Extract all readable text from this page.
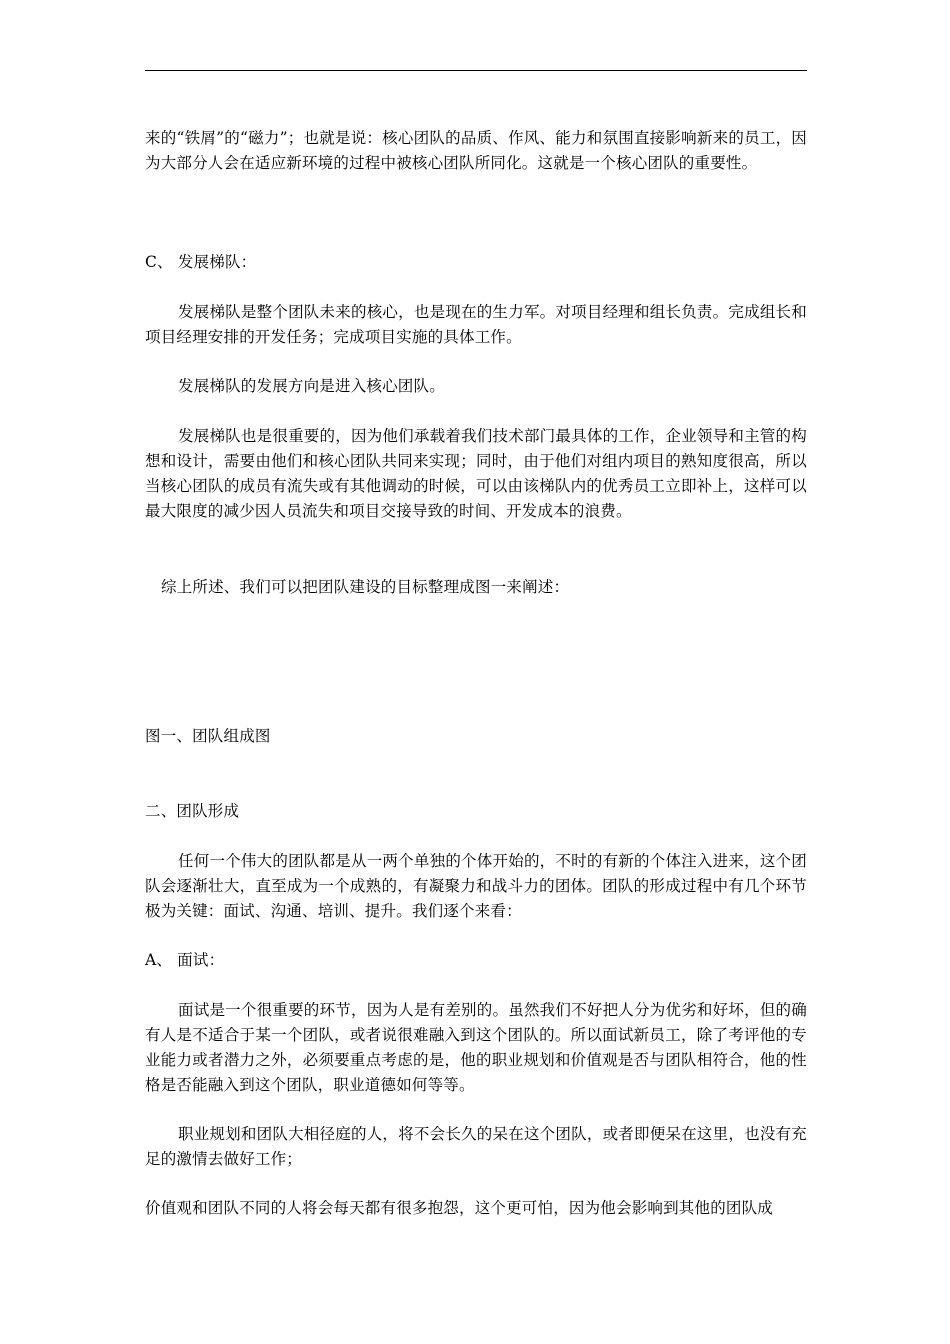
来的“铁屑”的“磁力”；也就是说：核心团队的品质、作风、能力和氛围直接影响新来的员工，因为大部分人会在适应新环境的过程中被核心团队所同化。这就是一个核心团队的重要性。

C、 发展梯队：

发展梯队是整个团队未来的核心，也是现在的生力军。对项目经理和组长负责。完成组长和项目经理安排的开发任务；完成项目实施的具体工作。

发展梯队的发展方向是进入核心团队。

发展梯队也是很重要的，因为他们承载着我们技术部门最具体的工作，企业领导和主管的构想和设计，需要由他们和核心团队共同来实现；同时，由于他们对组内项目的熟知度很高，所以当核心团队的成员有流失或有其他调动的时候，可以由该梯队内的优秀员工立即补上，这样可以最大限度的减少因人员流失和项目交接导致的时间、开发成本的浪费。

综上所述、我们可以把团队建设的目标整理成图一来阐述：

图一、团队组成图

二、团队形成

任何一个伟大的团队都是从一两个单独的个体开始的，不时的有新的个体注入进来，这个团队会逐渐壮大，直至成为一个成熟的，有凝聚力和战斗力的团体。团队的形成过程中有几个环节极为关键：面试、沟通、培训、提升。我们逐个来看：

A、 面试：

面试是一个很重要的环节，因为人是有差别的。虽然我们不好把人分为优劣和好坏，但的确有人是不适合于某一个团队，或者说很难融入到这个团队的。所以面试新员工，除了考评他的专业能力或者潜力之外，必须要重点考虑的是，他的职业规划和价值观是否与团队相符合，他的性格是否能融入到这个团队，职业道德如何等等。

职业规划和团队大相径庭的人，将不会长久的呆在这个团队，或者即便呆在这里，也没有充足的激情去做好工作；

价值观和团队不同的人将会每天都有很多抱怨，这个更可怕，因为他会影响到其他的团队成
